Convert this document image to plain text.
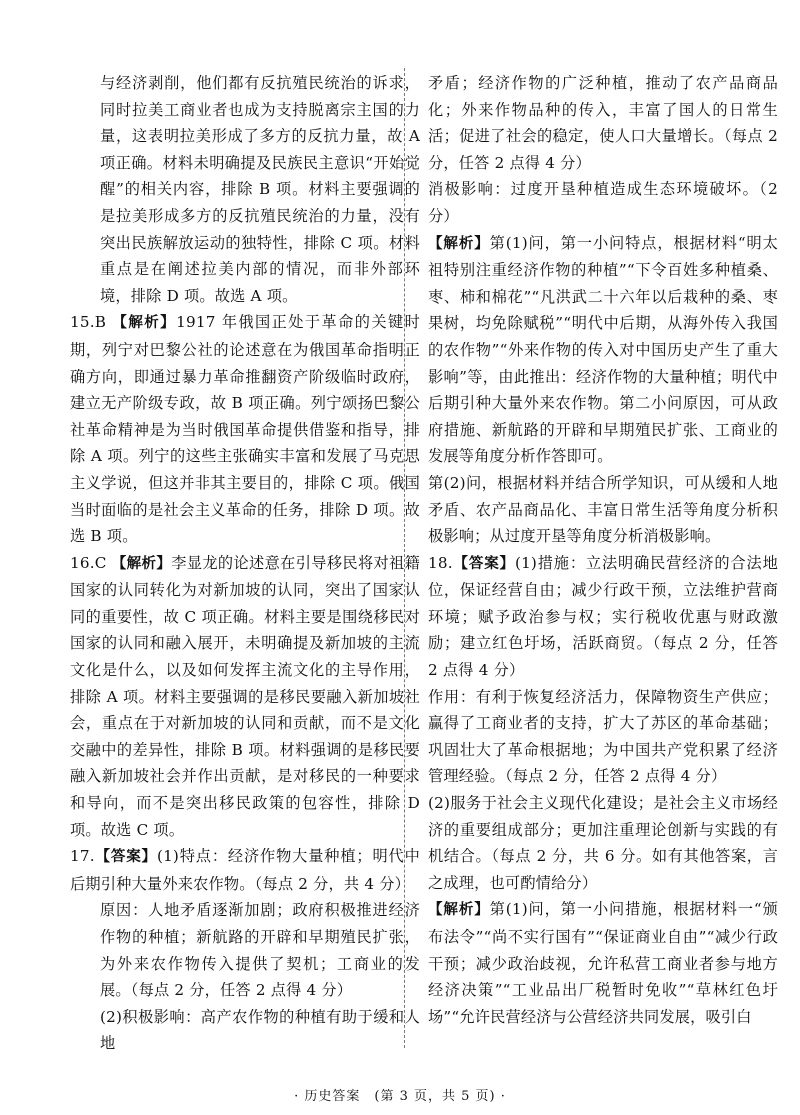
与经济剥削，他们都有反抗殖民统治的诉求，同时拉美工商业者也成为支持脱离宗主国的力量，这表明拉美形成了多方的反抗力量，故 A 项正确。材料未明确提及民族民主意识“开始觉醒”的相关内容，排除 B 项。材料主要强调的是拉美形成多方的反抗殖民统治的力量，没有突出民族解放运动的独特性，排除 C 项。材料重点是在阐述拉美内部的情况，而非外部环境，排除 D 项。故选 A 项。

15.B 【解析】1917 年俄国正处于革命的关键时期，列宁对巴黎公社的论述意在为俄国革命指明正确方向，即通过暴力革命推翻资产阶级临时政府，建立无产阶级专政，故 B 项正确。列宁颂扬巴黎公社革命精神是为当时俄国革命提供借鉴和指导，排除 A 项。列宁的这些主张确实丰富和发展了马克思主义学说，但这并非其主要目的，排除 C 项。俄国当时面临的是社会主义革命的任务，排除 D 项。故选 B 项。

16.C 【解析】李显龙的论述意在引导移民将对祖籍国家的认同转化为对新加坡的认同，突出了国家认同的重要性，故 C 项正确。材料主要是围绕移民对国家的认同和融入展开，未明确提及新加坡的主流文化是什么，以及如何发挥主流文化的主导作用，排除 A 项。材料主要强调的是移民要融入新加坡社会，重点在于对新加坡的认同和贡献，而不是文化交融中的差异性，排除 B 项。材料强调的是移民要融入新加坡社会并作出贡献，是对移民的一种要求和导向，而不是突出移民政策的包容性，排除 D 项。故选 C 项。

17.【答案】(1)特点：经济作物大量种植；明代中后期引种大量外来农作物。（每点 2 分，共 4 分）

原因：人地矛盾逐渐加剧；政府积极推进经济作物的种植；新航路的开辟和早期殖民扩张，为外来农作物传入提供了契机；工商业的发展。（每点 2 分，任答 2 点得 4 分）

(2)积极影响：高产农作物的种植有助于缓和人地

矛盾；经济作物的广泛种植，推动了农产品商品化；外来作物品种的传入，丰富了国人的日常生活；促进了社会的稳定，使人口大量增长。（每点 2 分，任答 2 点得 4 分）

消极影响：过度开垦种植造成生态环境破坏。（2 分）

【解析】第(1)问，第一小问特点，根据材料“明太祖特别注重经济作物的种植”“下令百姓多种植桑、枣、柿和棉花”“凡洪武二十六年以后栽种的桑、枣果树，均免除赋税”“明代中后期，从海外传入我国的农作物”“外来作物的传入对中国历史产生了重大影响”等，由此推出：经济作物的大量种植；明代中后期引种大量外来农作物。第二小问原因，可从政府措施、新航路的开辟和早期殖民扩张、工商业的发展等角度分析作答即可。

第(2)问，根据材料并结合所学知识，可从缓和人地矛盾、农产品商品化、丰富日常生活等角度分析积极影响；从过度开垦等角度分析消极影响。

18.【答案】(1)措施：立法明确民营经济的合法地位，保证经营自由；减少行政干预，立法维护营商环境；赋予政治参与权；实行税收优惠与财政激励；建立红色圩场，活跃商贸。（每点 2 分，任答 2 点得 4 分）

作用：有利于恢复经济活力，保障物资生产供应；赢得了工商业者的支持，扩大了苏区的革命基础；巩固壮大了革命根据地；为中国共产党积累了经济管理经验。（每点 2 分，任答 2 点得 4 分）

(2)服务于社会主义现代化建设；是社会主义市场经济的重要组成部分；更加注重理论创新与实践的有机结合。（每点 2 分，共 6 分。如有其他答案，言之成理，也可酌情给分）

【解析】第(1)问，第一小问措施，根据材料一“颁布法令”“尚不实行国有”“保证商业自由”“减少行政干预；减少政治歧视，允许私营工商业者参与地方经济决策”“工业品出厂税暂时免收”“草林红色圩场”“允许民营经济与公营经济共同发展，吸引白

· 历史答案　(第 3 页，共 5 页) ·
